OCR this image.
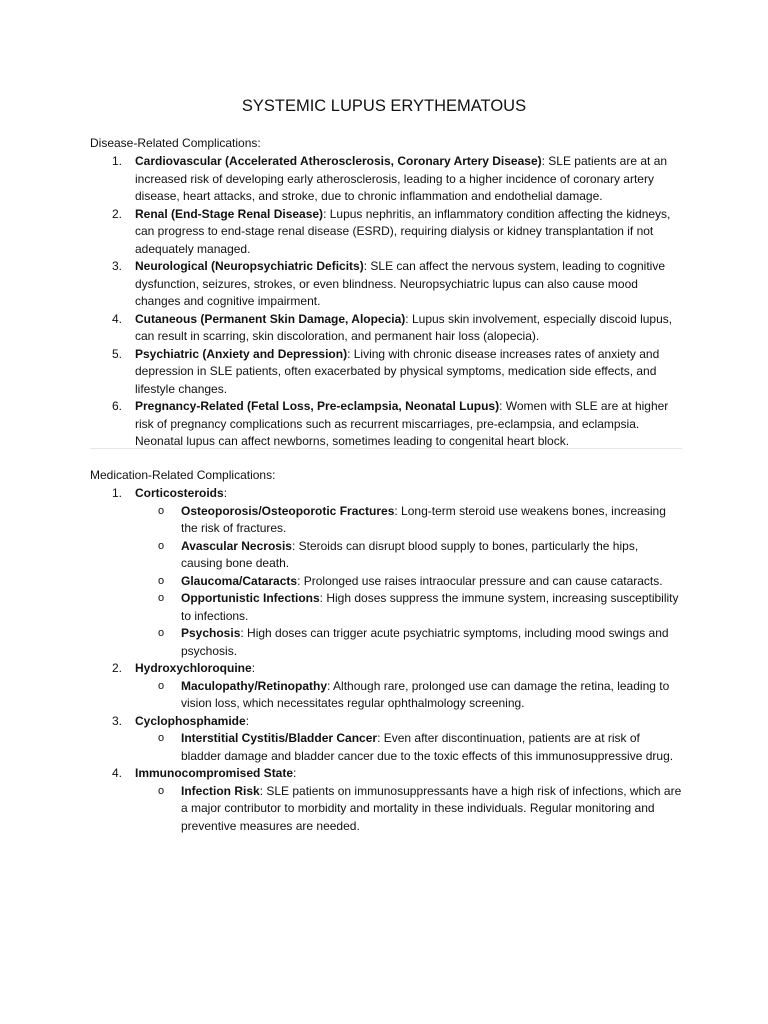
SYSTEMIC LUPUS ERYTHEMATOUS
Disease-Related Complications:
1. Cardiovascular (Accelerated Atherosclerosis, Coronary Artery Disease): SLE patients are at an increased risk of developing early atherosclerosis, leading to a higher incidence of coronary artery disease, heart attacks, and stroke, due to chronic inflammation and endothelial damage.
2. Renal (End-Stage Renal Disease): Lupus nephritis, an inflammatory condition affecting the kidneys, can progress to end-stage renal disease (ESRD), requiring dialysis or kidney transplantation if not adequately managed.
3. Neurological (Neuropsychiatric Deficits): SLE can affect the nervous system, leading to cognitive dysfunction, seizures, strokes, or even blindness. Neuropsychiatric lupus can also cause mood changes and cognitive impairment.
4. Cutaneous (Permanent Skin Damage, Alopecia): Lupus skin involvement, especially discoid lupus, can result in scarring, skin discoloration, and permanent hair loss (alopecia).
5. Psychiatric (Anxiety and Depression): Living with chronic disease increases rates of anxiety and depression in SLE patients, often exacerbated by physical symptoms, medication side effects, and lifestyle changes.
6. Pregnancy-Related (Fetal Loss, Pre-eclampsia, Neonatal Lupus): Women with SLE are at higher risk of pregnancy complications such as recurrent miscarriages, pre-eclampsia, and eclampsia. Neonatal lupus can affect newborns, sometimes leading to congenital heart block.
Medication-Related Complications:
1. Corticosteroids:
o Osteoporosis/Osteoporotic Fractures: Long-term steroid use weakens bones, increasing the risk of fractures.
o Avascular Necrosis: Steroids can disrupt blood supply to bones, particularly the hips, causing bone death.
o Glaucoma/Cataracts: Prolonged use raises intraocular pressure and can cause cataracts.
o Opportunistic Infections: High doses suppress the immune system, increasing susceptibility to infections.
o Psychosis: High doses can trigger acute psychiatric symptoms, including mood swings and psychosis.
2. Hydroxychloroquine:
o Maculopathy/Retinopathy: Although rare, prolonged use can damage the retina, leading to vision loss, which necessitates regular ophthalmology screening.
3. Cyclophosphamide:
o Interstitial Cystitis/Bladder Cancer: Even after discontinuation, patients are at risk of bladder damage and bladder cancer due to the toxic effects of this immunosuppressive drug.
4. Immunocompromised State:
o Infection Risk: SLE patients on immunosuppressants have a high risk of infections, which are a major contributor to morbidity and mortality in these individuals. Regular monitoring and preventive measures are needed.
